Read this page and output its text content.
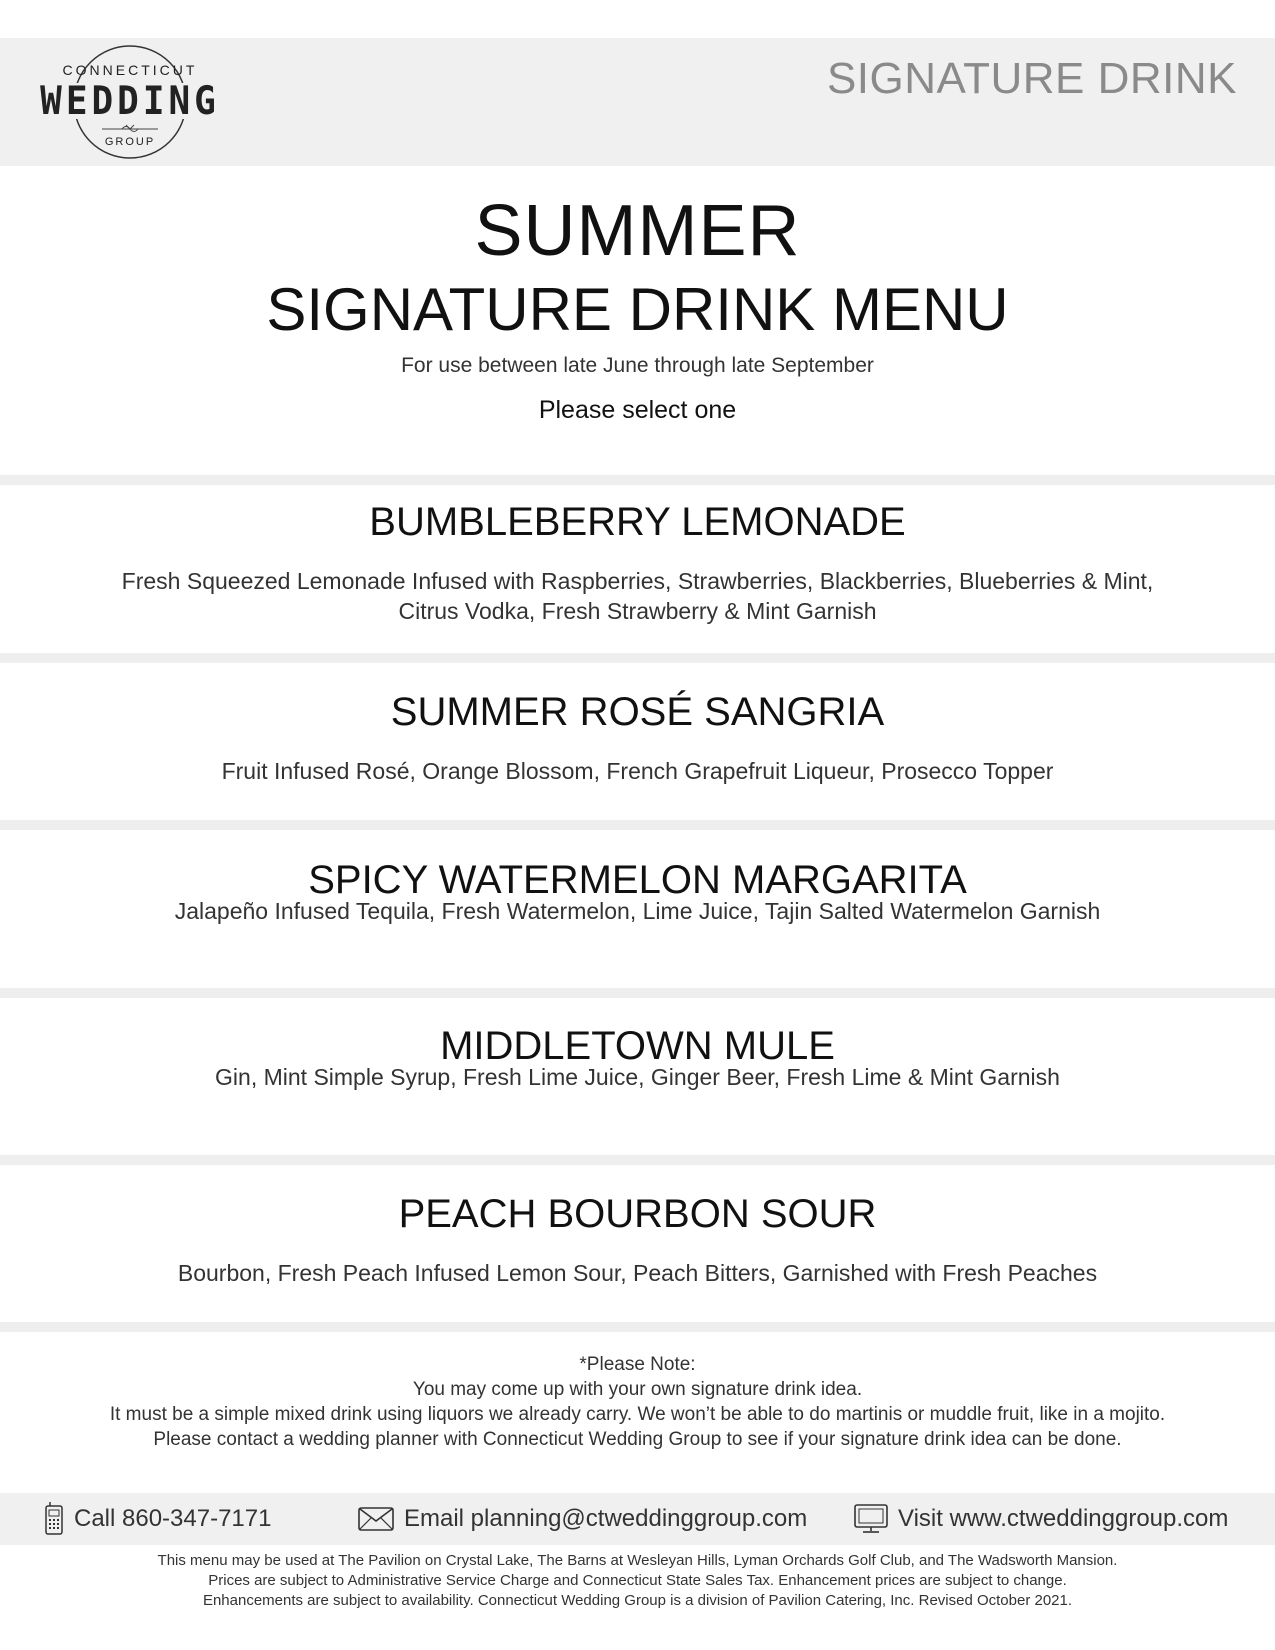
CONNECTICUT
WEDDING
GROUP
SIGNATURE DRINK
SUMMER
SIGNATURE DRINK MENU
For use between late June through late September
Please select one
BUMBLEBERRY LEMONADE
Fresh Squeezed Lemonade Infused with Raspberries, Strawberries, Blackberries, Blueberries & Mint,
Citrus Vodka, Fresh Strawberry & Mint Garnish
SUMMER ROSÉ SANGRIA
Fruit Infused Rosé, Orange Blossom, French Grapefruit Liqueur, Prosecco Topper
SPICY WATERMELON MARGARITA
Jalapeño Infused Tequila, Fresh Watermelon, Lime Juice, Tajin Salted Watermelon Garnish
MIDDLETOWN MULE
Gin, Mint Simple Syrup, Fresh Lime Juice, Ginger Beer, Fresh Lime & Mint Garnish
PEACH BOURBON SOUR
Bourbon, Fresh Peach Infused Lemon Sour, Peach Bitters, Garnished with Fresh Peaches
*Please Note:
You may come up with your own signature drink idea.
It must be a simple mixed drink using liquors we already carry. We won’t be able to do martinis or muddle fruit, like in a mojito.
Please contact a wedding planner with Connecticut Wedding Group to see if your signature drink idea can be done.
Call 860-347-7171	Email planning@ctweddinggroup.com	Visit www.ctweddinggroup.com
This menu may be used at The Pavilion on Crystal Lake, The Barns at Wesleyan Hills, Lyman Orchards Golf Club, and The Wadsworth Mansion.
Prices are subject to Administrative Service Charge and Connecticut State Sales Tax. Enhancement prices are subject to change.
Enhancements are subject to availability. Connecticut Wedding Group is a division of Pavilion Catering, Inc. Revised October 2021.
